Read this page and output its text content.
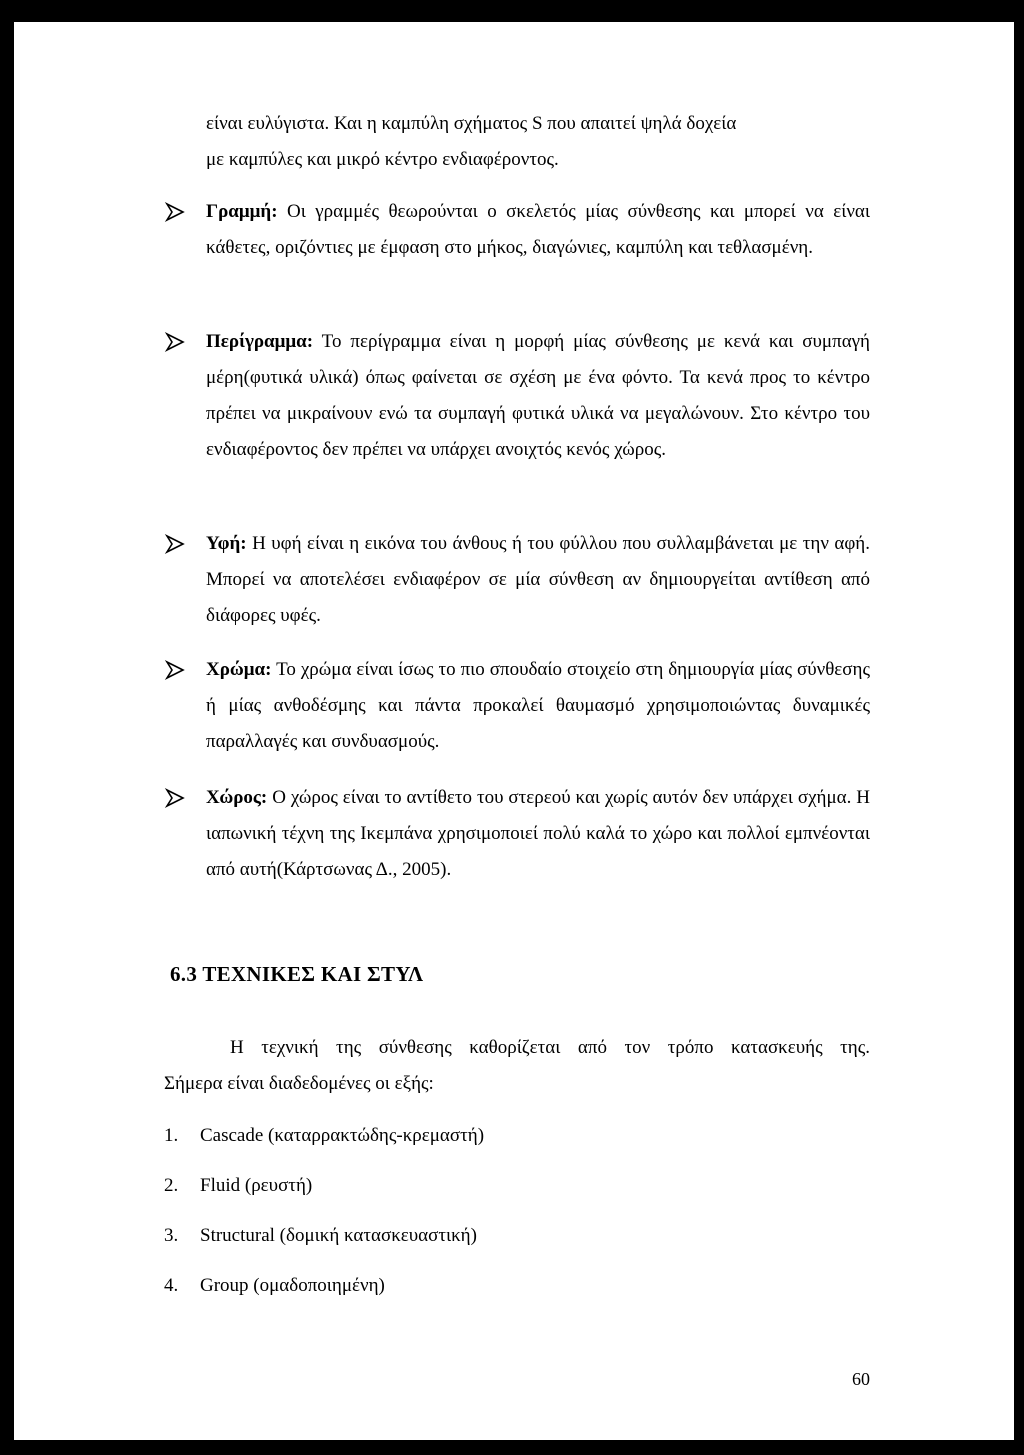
είναι ευλύγιστα. Και η καμπύλη σχήματος S που απαιτεί ψηλά δοχεία
με καμπύλες και μικρό κέντρο ενδιαφέροντος.
Γραμμή: Οι γραμμές θεωρούνται ο σκελετός μίας σύνθεσης και μπορεί να είναι κάθετες, οριζόντιες με έμφαση στο μήκος, διαγώνιες, καμπύλη και τεθλασμένη.
Περίγραμμα: Το περίγραμμα είναι η μορφή μίας σύνθεσης με κενά και συμπαγή μέρη(φυτικά υλικά) όπως φαίνεται σε σχέση με ένα φόντο. Τα κενά προς το κέντρο πρέπει να μικραίνουν ενώ τα συμπαγή φυτικά υλικά να μεγαλώνουν. Στο κέντρο του ενδιαφέροντος δεν πρέπει να υπάρχει ανοιχτός κενός χώρος.
Υφή: Η υφή είναι η εικόνα του άνθους ή του φύλλου που συλλαμβάνεται με την αφή. Μπορεί να αποτελέσει ενδιαφέρον σε μία σύνθεση αν δημιουργείται αντίθεση από διάφορες υφές.
Χρώμα: Το χρώμα είναι ίσως το πιο σπουδαίο στοιχείο στη δημιουργία μίας σύνθεσης ή μίας ανθοδέσμης και πάντα προκαλεί θαυμασμό χρησιμοποιώντας δυναμικές παραλλαγές και συνδυασμούς.
Χώρος: Ο χώρος είναι το αντίθετο του στερεού και χωρίς αυτόν δεν υπάρχει σχήμα. Η ιαπωνική τέχνη της Ικεμπάνα χρησιμοποιεί πολύ καλά το χώρο και πολλοί εμπνέονται από αυτή(Κάρτσωνας Δ., 2005).
6.3 ΤΕΧΝΙΚΕΣ ΚΑΙ ΣΤΥΛ
Η τεχνική της σύνθεσης καθορίζεται από τον τρόπο κατασκευής της.
Σήμερα είναι διαδεδομένες οι εξής:
1.	Cascade (καταρρακτώδης-κρεμαστή)
2.	Fluid (ρευστή)
3.	Structural (δομική κατασκευαστική)
4.	Group (ομαδοποιημένη)
60
